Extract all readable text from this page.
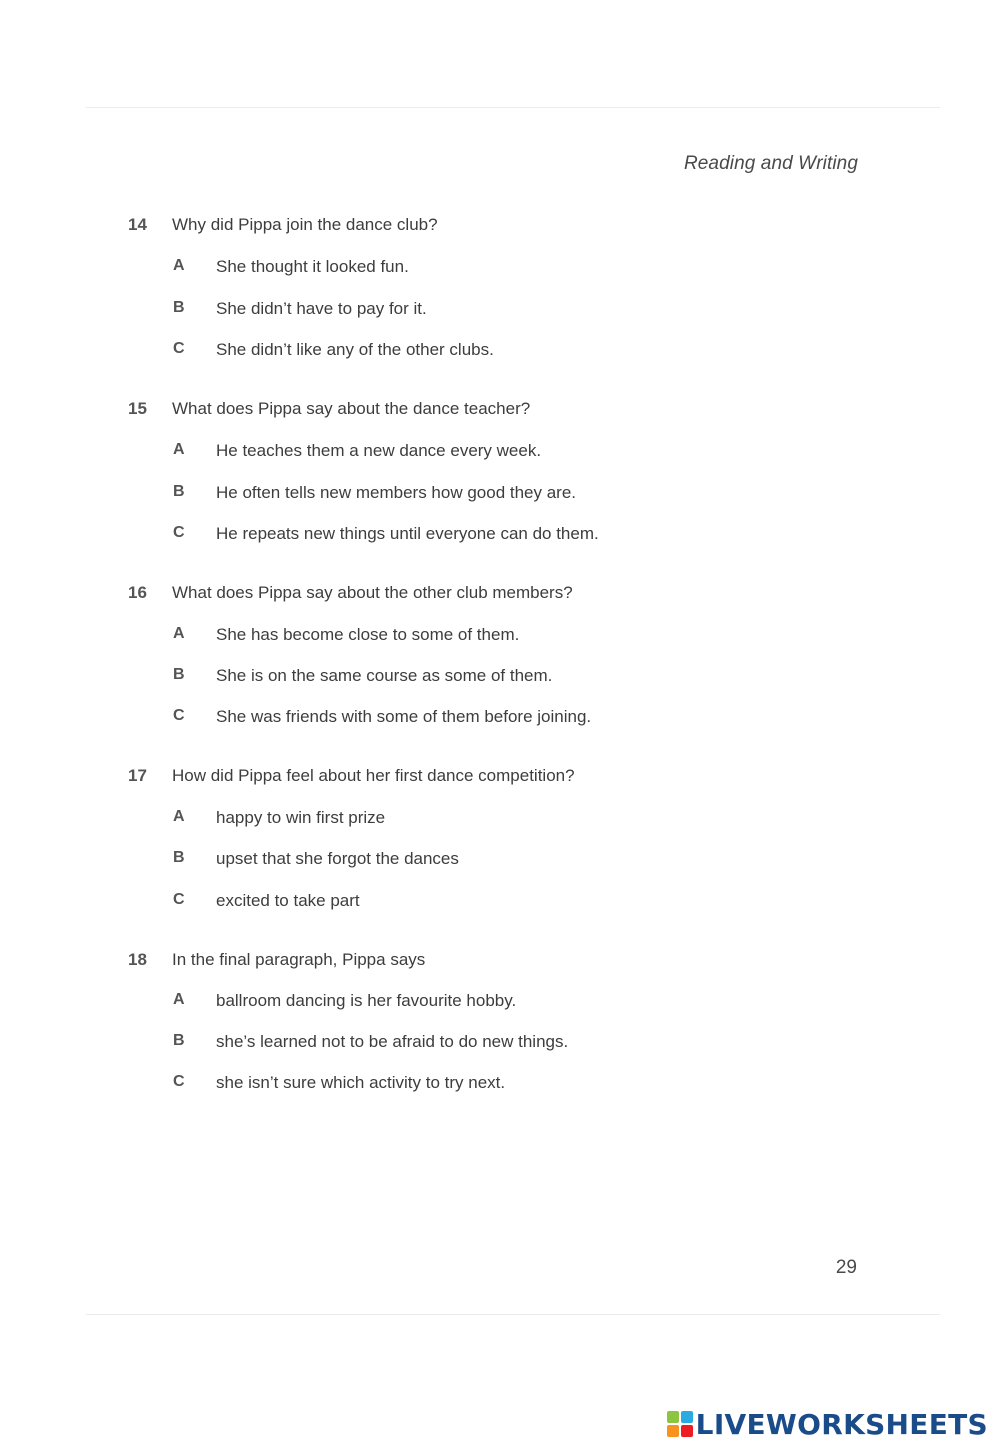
Reading and Writing
14 Why did Pippa join the dance club?
A She thought it looked fun.
B She didn’t have to pay for it.
C She didn’t like any of the other clubs.
15 What does Pippa say about the dance teacher?
A He teaches them a new dance every week.
B He often tells new members how good they are.
C He repeats new things until everyone can do them.
16 What does Pippa say about the other club members?
A She has become close to some of them.
B She is on the same course as some of them.
C She was friends with some of them before joining.
17 How did Pippa feel about her first dance competition?
A happy to win first prize
B upset that she forgot the dances
C excited to take part
18 In the final paragraph, Pippa says
A ballroom dancing is her favourite hobby.
B she’s learned not to be afraid to do new things.
C she isn’t sure which activity to try next.
29
LIVEWORKSHEETS
